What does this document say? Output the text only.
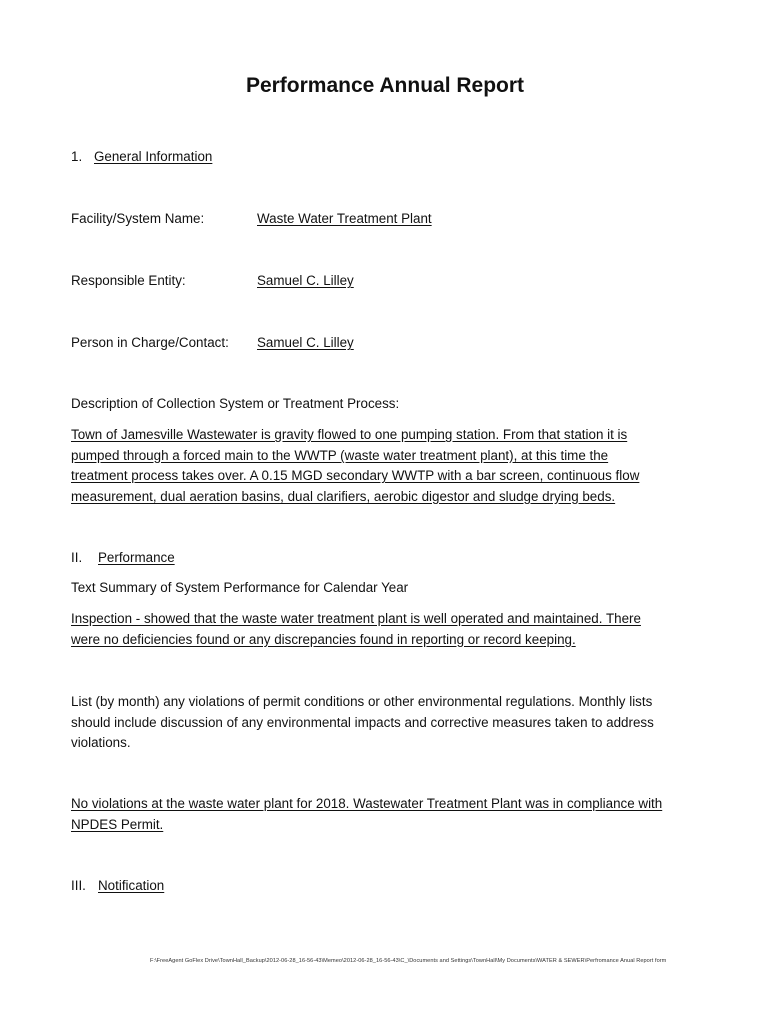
Performance Annual Report
1. General Information
Facility/System Name:	Waste Water Treatment Plant
Responsible Entity:	Samuel C. Lilley
Person in Charge/Contact: Samuel C. Lilley
Description of Collection System or Treatment Process:
Town of Jamesville Wastewater is gravity flowed to one pumping station. From that station it is
pumped through a forced main to the WWTP (waste water treatment plant), at this time the
treatment process takes over. A 0.15 MGD secondary WWTP with a bar screen, continuous flow
measurement, dual aeration basins, dual clarifiers, aerobic digestor and sludge drying beds.
II. Performance
Text Summary of System Performance for Calendar Year
Inspection - showed that the waste water treatment plant is well operated and maintained. There
were no deficiencies found or any discrepancies found in reporting or record keeping.
List (by month) any violations of permit conditions or other environmental regulations. Monthly lists
should include discussion of any environmental impacts and corrective measures taken to address
violations.
No violations at the waste water plant for 2018. Wastewater Treatment Plant was in compliance with
NPDES Permit.
III. Notification
F:\FreeAgent GoFlex Drive\TownHall_Backup\2012-06-28_16-56-43\Memeo\2012-06-28_16-56-43\C_\Documents and Settings\TownHall\My Documents\WATER & SEWER\Perfromance Anual Report form
